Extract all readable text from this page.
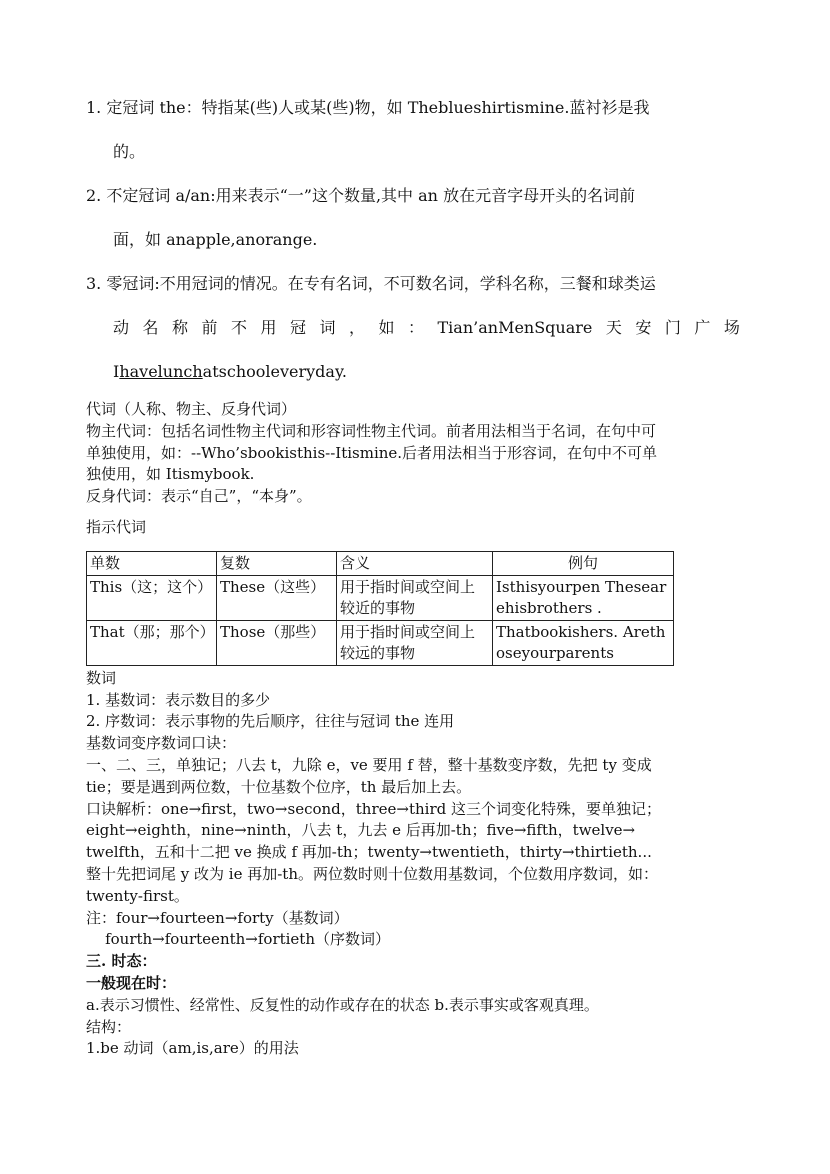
1. 定冠词 the：特指某(些)人或某(些)物，如 Theblueshirtismine.蓝衬衫是我
的。
2. 不定冠词 a/an:用来表示“一”这个数量,其中 an 放在元音字母开头的名词前
面，如 anapple,anorange.
3. 零冠词:不用冠词的情况。在专有名词，不可数名词，学科名称，三餐和球类运
动 名 称 前 不 用 冠 词 ， 如 ： Tian’anMenSquare 天 安 门 广 场
Ihavelunchatschooleveryday.
代词（人称、物主、反身代词）
物主代词：包括名词性物主代词和形容词性物主代词。前者用法相当于名词，在句中可
单独使用，如：--Who’sbookisthis--Itismine.后者用法相当于形容词，在句中不可单
独使用，如 Itismybook.
反身代词：表示“自己”，“本身”。
指示代词
单数	复数	含义	例句
This（这；这个）	These（这些）	用于指时间或空间上较近的事物	Isthisyourpen Thesearehisbrothers .
That（那；那个）	Those（那些）	用于指时间或空间上较远的事物	Thatbookishers. Arethoseyourparents
数词
1. 基数词：表示数目的多少
2. 序数词：表示事物的先后顺序，往往与冠词 the 连用
基数词变序数词口诀：
一、二、三，单独记；八去 t，九除 e，ve 要用 f 替，整十基数变序数，先把 ty 变成
tie；要是遇到两位数，十位基数个位序，th 最后加上去。
口诀解析：one→first，two→second，three→third 这三个词变化特殊，要单独记；
eight→eighth，nine→ninth，八去 t，九去 e 后再加-th；five→fifth，twelve→
twelfth，五和十二把 ve 换成 f 再加-th；twenty→twentieth，thirty→thirtieth...
整十先把词尾 y 改为 ie 再加-th。两位数时则十位数用基数词，个位数用序数词，如：
twenty-first。
注：four→fourteen→forty（基数词）
fourth→fourteenth→fortieth（序数词）
三. 时态：
一般现在时：
a.表示习惯性、经常性、反复性的动作或存在的状态 b.表示事实或客观真理。
结构：
1.be 动词（am,is,are）的用法
